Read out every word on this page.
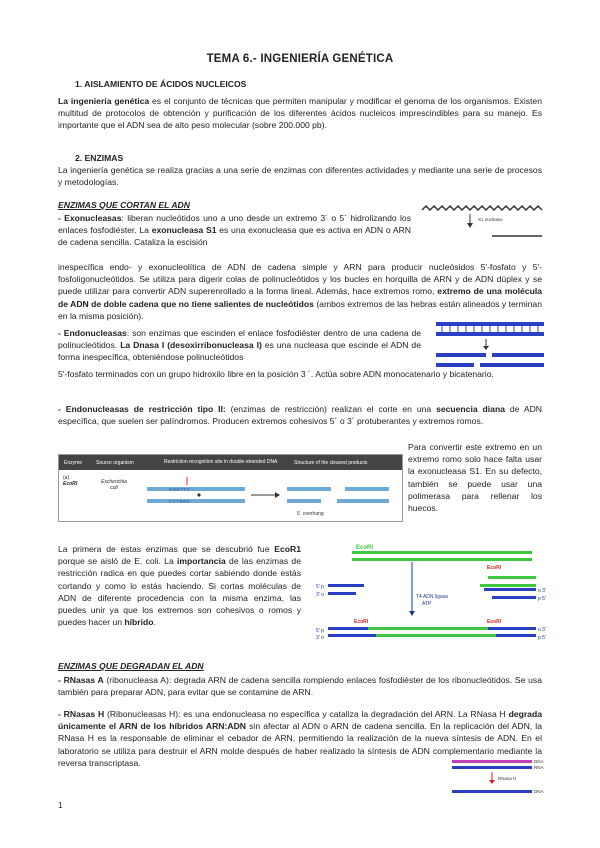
TEMA 6.- INGENIERÍA GENÉTICA
1. AISLAMIENTO DE ÁCIDOS NUCLEICOS
La ingeniería genética es el conjunto de técnicas que permiten manipular y modificar el genoma de los organismos. Existen multitud de protocolos de obtención y purificación de los diferentes ácidos nucleicos imprescindibles para su manejo. Es importante que el ADN sea de alto peso molecular (sobre 200.000 pb).
2. ENZIMAS
La ingeniería genética se realiza gracias a una serie de enzimas con diferentes actividades y mediante una serie de procesos y metodologías.
ENZIMAS QUE CORTAN EL ADN
- Exonucleasas: liberan nucleótidos uno a uno desde un extremo 3´ o 5´ hidrolizando los enlaces fosfodiéster. La exonucleasa S1 es una exonucleasa que es activa en ADN o ARN de cadena sencilla. Cataliza la escisión
inespecífica endo- y exonucleolítica de ADN de cadena simple y ARN para producir nucleósidos 5'-fosfato y 5'-fosfoligonucleótidos. Se utiliza para digerir colas de polinucleótidos y los bucles en horquilla de ARN y de ADN dúplex y se puede utilizar para convertir ADN superenrollado a la forma lineal. Además, hace extremos romo, extremo de una molécula de ADN de doble cadena que no tiene salientes de nucleótidos (ambos extremos de las hebras están alineados y terminan en la misma posición).
S1 nuclease
- Endonucleasas: son enzimas que escinden el enlace fosfodiéster dentro de una cadena de polinucleótidos. La Dnasa I (desoxirribonucleasa I) es una nucleasa que escinde el ADN de forma inespecífica, obteniéndose polinucleótidos
5'-fosfato terminados con un grupo hidroxilo libre en la posición 3 ´. Actúa sobre ADN monocatenario y bicatenario.
- Endonucleasas de restricción tipo II: (enzimas de restricción) realizan el corte en una secuencia diana de ADN específica, que suelen ser palíndromos. Producen extremos cohesivos 5´ o 3´ protuberantes y extremos romos.
Enzyme	Source organism	Restriction recognition site in double-stranded DNA	Structure of the cleaved products
(a)
EcoRI	Escherichia coli	G A A T T C
C T T A A G
5´ overhang
Para convertir este extremo en un extremo romo solo hace falta usar la exonucleasa S1. En su defecto, también se puede usar una polimerasa para rellenar los huecos.
La primera de estas enzimas que se descubrió fue EcoR1 porque se aisló de E. coli. La importancia de las enzimas de restricción radica en que puedes cortar sabiendo donde estás cortando y como lo estás haciendo. Si cortas moléculas de ADN de diferente procedencia con la misma enzima, las puedes unir ya que los extremos son cohesivos o romos y puedes hacer un híbrido.
EcoRI
EcoRI
5' p
3' o
o 3'
p 5'
T4 ADN ligasa
ATP
EcoRI	EcoRI
5' p
3' o
o 3'
p 5'
ENZIMAS QUE DEGRADAN EL ADN
- RNasas A (ribonucleasa A): degrada ARN de cadena sencilla rompiendo enlaces fosfodiéster de los ribonucleótidos. Se usa también para preparar ADN, para evitar que se contamine de ARN.
- RNasas H (Ribonucleasas H): es una endonucleasa no específica y cataliza la degradación del ARN. La RNasa H degrada únicamente el ARN de los híbridos ARN:ADN sin afectar al ADN o ARN de cadena sencilla. En la replicación del ADN, la RNasa H es la responsable de eliminar el cebador de ARN, permitiendo la realización de la nueva síntesis de ADN. En el laboratorio se utiliza para destruir el ARN molde después de haber realizado la síntesis de ADN complementario mediante la reversa transcriptasa.	DNA
RNA
RNasa H
DNA
1
